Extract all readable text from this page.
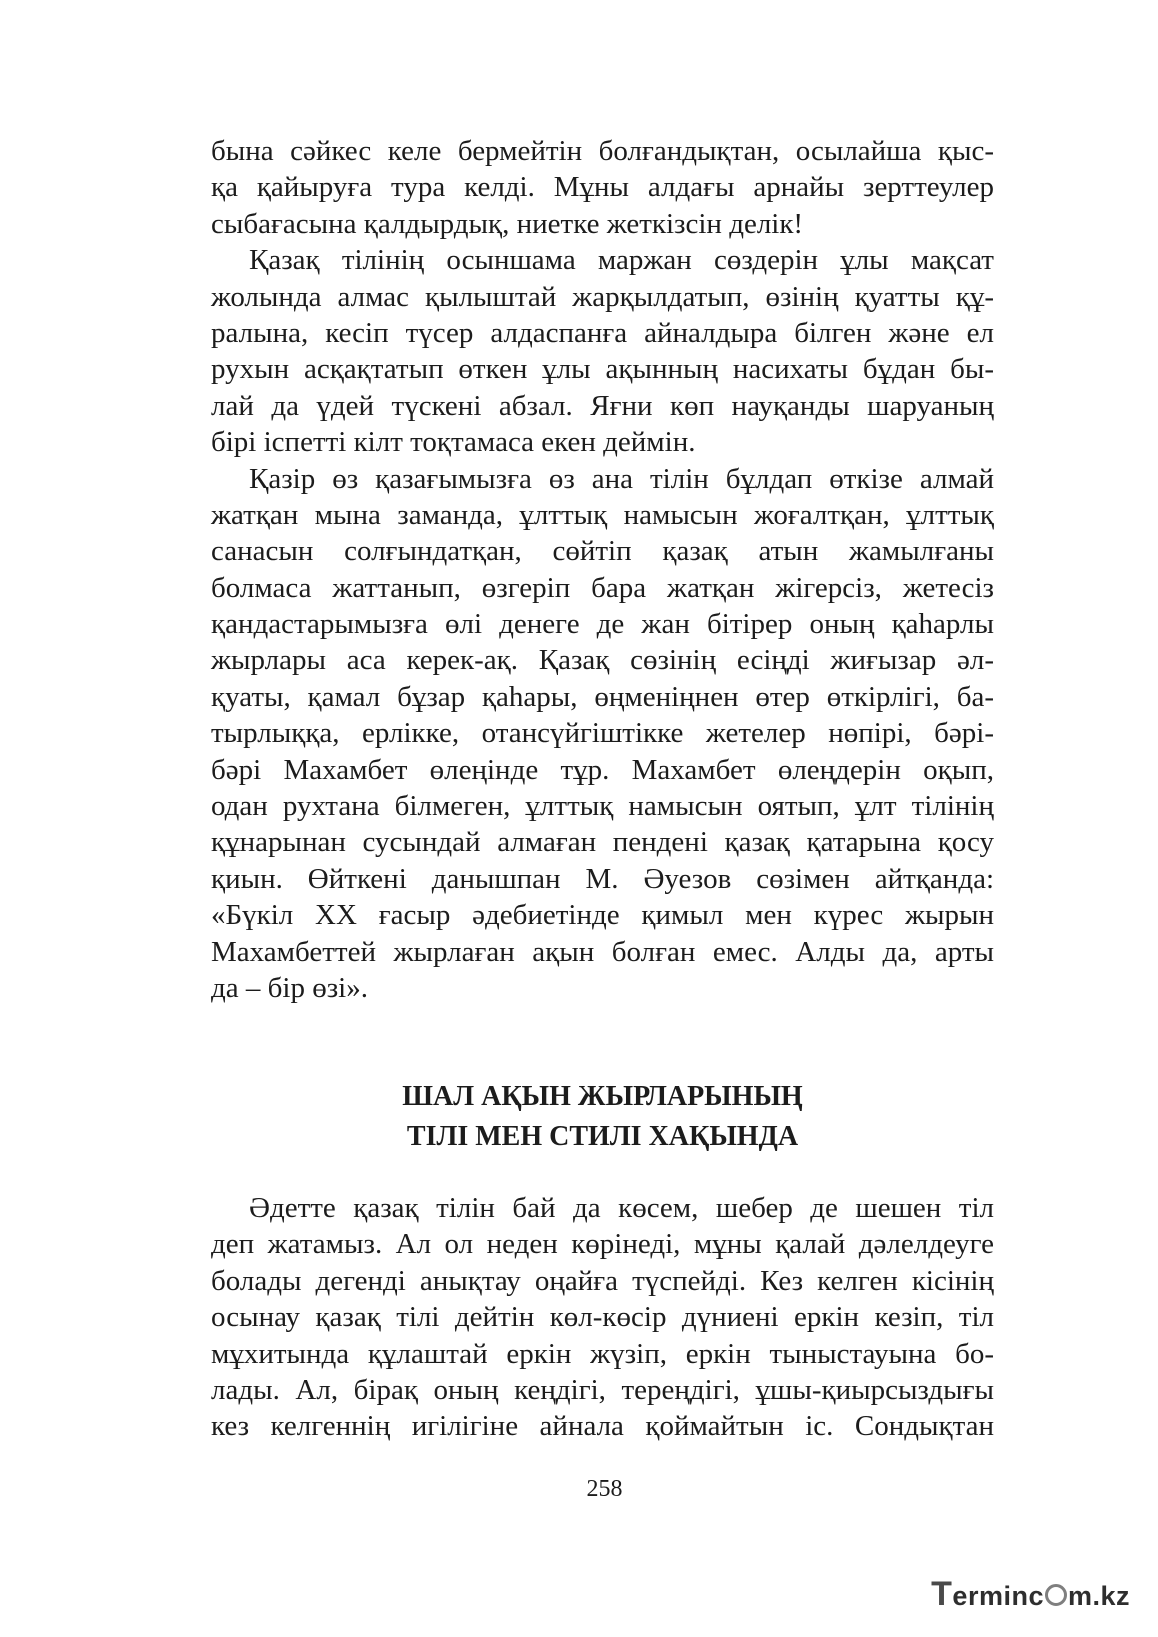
бына сәйкес келе бермейтін болғандықтан, осылайша қыс-
қа қайыруға тура келді. Мұны алдағы арнайы зерттеулер
сыбағасына қалдырдық, ниетке жеткізсін делік!
Қазақ тілінің осыншама маржан сөздерін ұлы мақсат
жолында алмас қылыштай жарқылдатып, өзінің қуатты құ-
ралына, кесіп түсер алдаспанға айналдыра білген және ел
рухын асқақтатып өткен ұлы ақынның насихаты бұдан бы-
лай да үдей түскені абзал. Яғни көп науқанды шаруаның
бірі іспетті кілт тоқтамаса екен деймін.
Қазір өз қазағымызға өз ана тілін бұлдап өткізе алмай
жатқан мына заманда, ұлттық намысын жоғалтқан, ұлттық
санасын солғындатқан, сөйтіп қазақ атын жамылғаны
болмаса жаттанып, өзгеріп бара жатқан жігерсіз, жетесіз
қандастарымызға өлі денеге де жан бітірер оның қаһарлы
жырлары аса керек-ақ. Қазақ сөзінің есіңді жиғызар әл-
қуаты, қамал бұзар қаһары, өңменіңнен өтер өткірлігі, ба-
тырлыққа, ерлікке, отансүйгіштікке жетелер нөпірі, бәрі-
бәрі Махамбет өлеңінде тұр. Махамбет өлеңдерін оқып,
одан рухтана білмеген, ұлттық намысын оятып, ұлт тілінің
құнарынан сусындай алмаған пендені қазақ қатарына қосу
қиын. Өйткені данышпан М. Әуезов сөзімен айтқанда:
«Бүкіл XX ғасыр әдебиетінде қимыл мен күрес жырын
Махамбеттей жырлаған ақын болған емес. Алды да, арты
да – бір өзі».
ШАЛ АҚЫН ЖЫРЛАРЫНЫҢ
ТІЛІ МЕН СТИЛІ ХАҚЫНДА
Әдетте қазақ тілін бай да көсем, шебер де шешен тіл
деп жатамыз. Ал ол неден көрінеді, мұны қалай дәлелдеуге
болады дегенді анықтау оңайға түспейді. Кез келген кісінің
осынау қазақ тілі дейтін көл-көсір дүниені еркін кезіп, тіл
мұхитында құлаштай еркін жүзіп, еркін тыныстауына бо-
лады. Ал, бірақ оның кеңдігі, тереңдігі, ұшы-қиырсыздығы
кез келгеннің игілігіне айнала қоймайтын іс. Сондықтан
258
Terminc m.kz
